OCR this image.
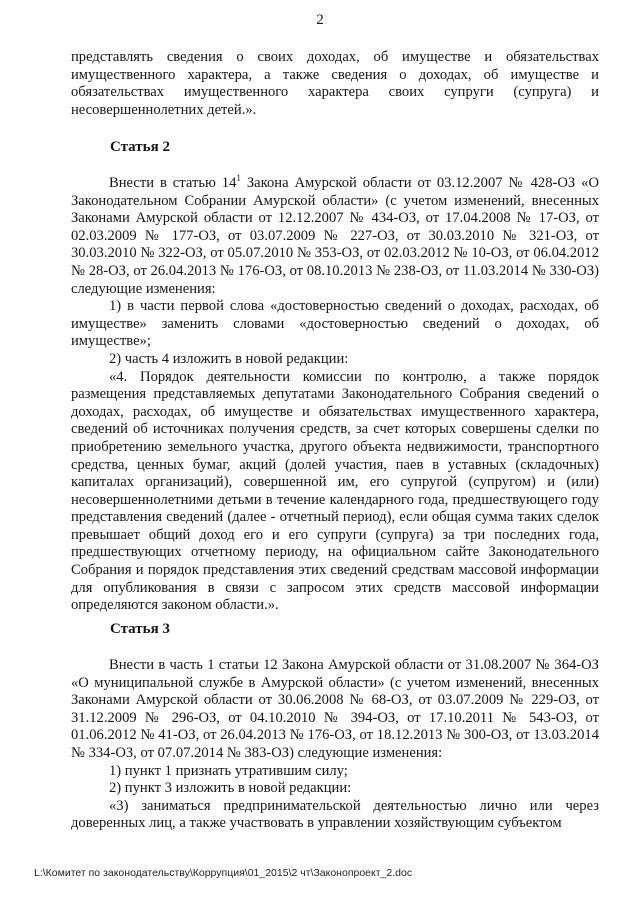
2

представлять сведения о своих доходах, об имуществе и обязательствах имущественного характера, а также сведения о доходах, об имуществе и обязательствах имущественного характера своих супруги (супруга) и несовершеннолетних детей.».

Статья 2

Внести в статью $14^1$ Закона Амурской области от 03.12.2007 № 428-ОЗ «О Законодательном Собрании Амурской области» (с учетом изменений, внесенных Законами Амурской области от 12.12.2007 № 434-ОЗ, от 17.04.2008 № 17-ОЗ, от 02.03.2009 № 177-ОЗ, от 03.07.2009 № 227-ОЗ, от 30.03.2010 № 321-ОЗ, от 30.03.2010 № 322-ОЗ, от 05.07.2010 № 353-ОЗ, от 02.03.2012 № 10-ОЗ, от 06.04.2012 № 28-ОЗ, от 26.04.2013 № 176-ОЗ, от 08.10.2013 № 238-ОЗ, от 11.03.2014 № 330-ОЗ) следующие изменения:

1) в части первой слова «достоверностью сведений о доходах, расходах, об имуществе» заменить словами «достоверностью сведений о доходах, об имуществе»;

2) часть 4 изложить в новой редакции:

«4. Порядок деятельности комиссии по контролю, а также порядок размещения представляемых депутатами Законодательного Собрания сведений о доходах, расходах, об имуществе и обязательствах имущественного характера, сведений об источниках получения средств, за счет которых совершены сделки по приобретению земельного участка, другого объекта недвижимости, транспортного средства, ценных бумаг, акций (долей участия, паев в уставных (складочных) капиталах организаций), совершенной им, его супругой (супругом) и (или) несовершеннолетними детьми в течение календарного года, предшествующего году представления сведений (далее - отчетный период), если общая сумма таких сделок превышает общий доход его и его супруги (супруга) за три последних года, предшествующих отчетному периоду, на официальном сайте Законодательного Собрания и порядок представления этих сведений средствам массовой информации для опубликования в связи с запросом этих средств массовой информации определяются законом области.».

Статья 3

Внести в часть 1 статьи 12 Закона Амурской области от 31.08.2007 № 364-ОЗ «О муниципальной службе в Амурской области» (с учетом изменений, внесенных Законами Амурской области от 30.06.2008 № 68-ОЗ, от 03.07.2009 № 229-ОЗ, от 31.12.2009 № 296-ОЗ, от 04.10.2010 № 394-ОЗ, от 17.10.2011 № 543-ОЗ, от 01.06.2012 № 41-ОЗ, от 26.04.2013 № 176-ОЗ, от 18.12.2013 № 300-ОЗ, от 13.03.2014 № 334-ОЗ, от 07.07.2014 № 383-ОЗ) следующие изменения:

1) пункт 1 признать утратившим силу;

2) пункт 3 изложить в новой редакции:

«3) заниматься предпринимательской деятельностью лично или через доверенных лиц, а также участвовать в управлении хозяйствующим субъектом

L:\Комитет по законодательству\Коррупция\01_2015\2 чт\Законопроект_2.doc
